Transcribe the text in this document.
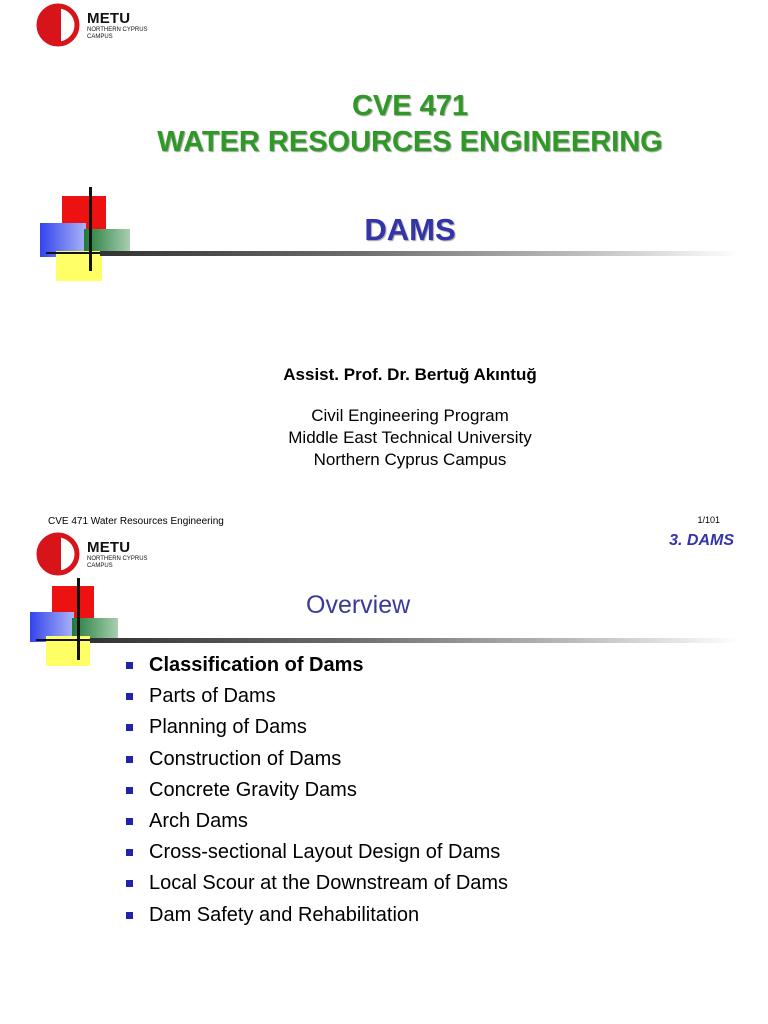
METU
NORTHERN CYPRUS
CAMPUS
CVE 471
WATER RESOURCES ENGINEERING
DAMS
Assist. Prof. Dr. Bertuğ Akıntuğ
Civil Engineering Program
Middle East Technical University
Northern Cyprus Campus
CVE 471 Water Resources Engineering	1/101
3. DAMS
METU
NORTHERN CYPRUS
CAMPUS
Overview
Classification of Dams
Parts of Dams
Planning of Dams
Construction of Dams
Concrete Gravity Dams
Arch Dams
Cross-sectional Layout Design of Dams
Local Scour at the Downstream of Dams
Dam Safety and Rehabilitation
